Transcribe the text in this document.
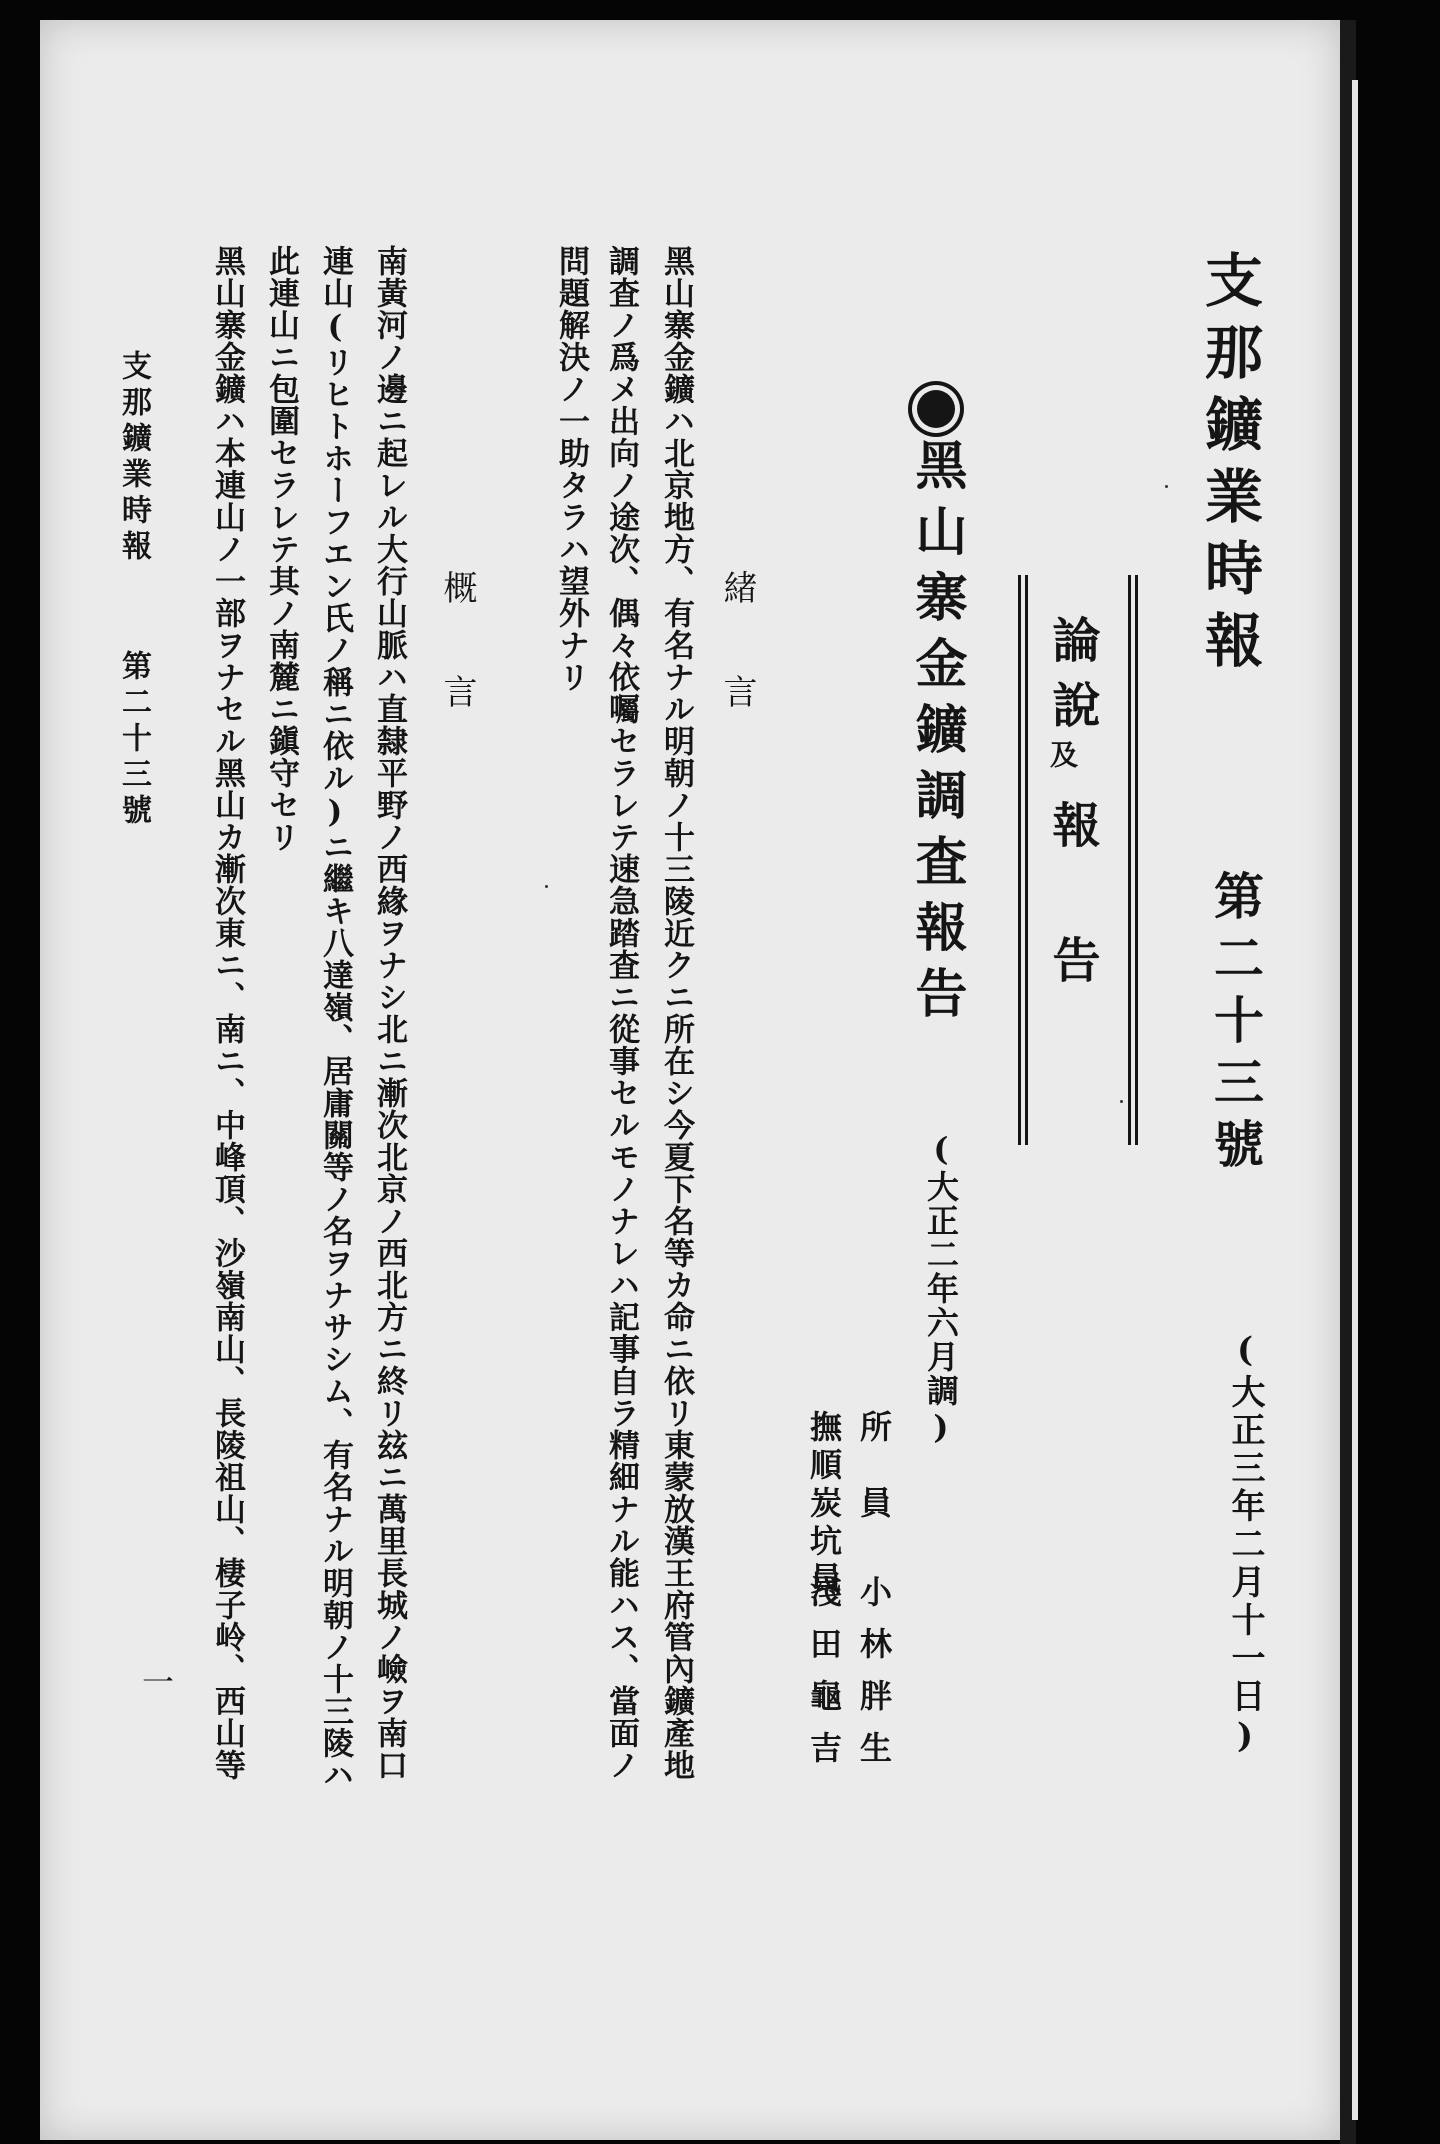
支那鑛業時報
第二十三號
(大正三年二月十一日)
論
及
報
告
說
黑山寨金鑛調査報告
(大正二年六月調)
所　員
小林胖生
撫順炭坑員
淺田龜吉
緒言
黑山寨金鑛ハ北京地方、有名ナル明朝ノ十三陵近クニ所在シ今夏下名等カ命ニ依リ東蒙放漢王府管內鑛產地
調査ノ爲メ出向ノ途次、偶々依囑セラレテ速急踏査ニ從事セルモノナレハ記事自ラ精細ナル能ハス、當面ノ
問題解決ノ一助タラハ望外ナリ
概言
南黃河ノ邊ニ起レル大行山脈ハ直隸平野ノ西緣ヲナシ北ニ漸次北京ノ西北方ニ終リ玆ニ萬里長城ノ嶮ヲ南口
連山(リヒトホーフエン氏ノ稱ニ依ル)ニ繼キ八達嶺、居庸關等ノ名ヲナサシム、有名ナル明朝ノ十三陵ハ
此連山ニ包圍セラレテ其ノ南麓ニ鎭守セリ
黑山寨金鑛ハ本連山ノ一部ヲナセル黑山カ漸次東ニ、南ニ、中峰頂、沙嶺南山、長陵祖山、棲子岭、西山等
支那鑛業時報
第二十三號
一
